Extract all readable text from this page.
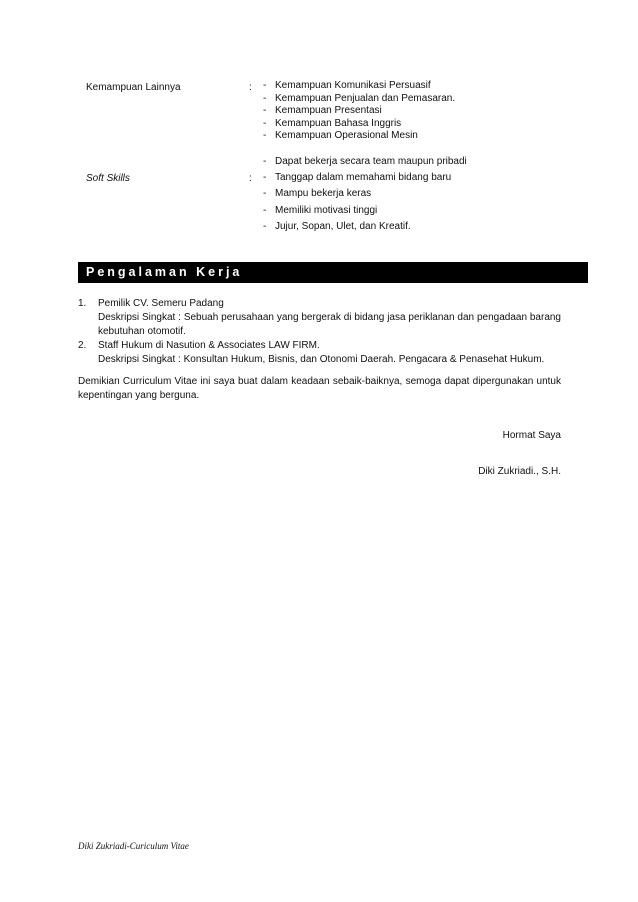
Kemampuan Lainnya	:
-	Kemampuan Komunikasi Persuasif
- Kemampuan Penjualan dan Pemasaran.
- Kemampuan Presentasi
- Kemampuan Bahasa Inggris
- Kemampuan Operasional Mesin
Soft Skills	:
- Dapat bekerja secara team maupun pribadi
- Tanggap dalam memahami bidang baru
- Mampu bekerja keras
- Memiliki motivasi tinggi
- Jujur, Sopan, Ulet, dan Kreatif.
Pengalaman Kerja
1. Pemilik CV. Semeru Padang
Deskripsi Singkat : Sebuah perusahaan yang bergerak di bidang jasa periklanan dan pengadaan barang kebutuhan otomotif.
2. Staff Hukum di Nasution & Associates LAW FIRM.
Deskripsi Singkat : Konsultan Hukum, Bisnis, dan Otonomi Daerah. Pengacara & Penasehat Hukum.
Demikian Curriculum Vitae ini saya buat dalam keadaan sebaik-baiknya, semoga dapat dipergunakan untuk kepentingan yang berguna.
Hormat Saya
Diki Zukriadi., S.H.
Diki Zukriadi-Curiculum Vitae
